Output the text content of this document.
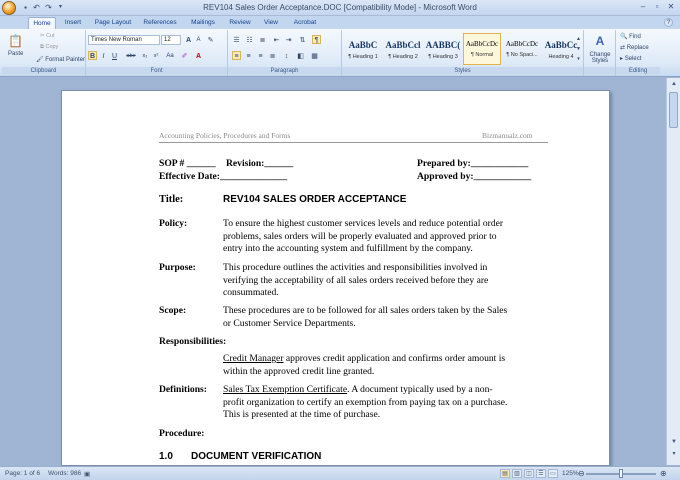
▪ ↶ ↷	▾	REV104 Sales Order Acceptance.DOC [Compatibility Mode] - Microsoft Word	–	▫	✕
Home	Insert	Page Layout	References	Mailings	Review	View	Acrobat	?
📋
Paste
✂ Cut
⧉ Copy
🖌 Format Painter
Clipboard
Times New Roman	12	A A	✎
B	I	U	abe	x₂	x²	Aa	✐ A
Font
☰ ☷ ≣ ⇤ ⇥ ⇅	¶
≡	≡	≡	≣	↕	◧ ▦
Paragraph
AaBbC
¶ Heading 1
AaBbCcl
¶ Heading 2
AABBC(
¶ Heading 3
AaBbCcDc
¶ Normal
AaBbCcDc
¶ No Spaci...
AaBbCc
Heading 4
▲
▼
▾
Styles
A
Change Styles
🔍 Find
⇄ Replace
▸ Select
Editing
▲
▼
▾
Accounting Policies, Procedures and Forms	Bizmanualz.com
SOP # ______ Revision:______
Effective Date:______________
Prepared by:____________
Approved by:____________
Title:	REV104 SALES ORDER ACCEPTANCE
Policy:	To ensure the highest customer services levels and reduce potential order
problems, sales orders will be properly evaluated and approved prior to
entry into the accounting system and fulfillment by the company.
Purpose:	This procedure outlines the activities and responsibilities involved in
verifying the acceptability of all sales orders received before they are
consummated.
Scope:	These procedures are to be followed for all sales orders taken by the Sales
or Customer Service Departments.
Responsibilities:
Credit Manager approves credit application and confirms order amount is
within the approved credit line granted.
Definitions: Sales Tax Exemption Certificate. A document typically used by a non-
profit organization to certify an exemption from paying tax on a purchase.
This is presented at the time of purchase.
Procedure:
1.0 DOCUMENT VERIFICATION
Page: 1 of 6 Words: 986 ▣	▤	▥	◫	☰	▭ 125% ⊖	⊕
